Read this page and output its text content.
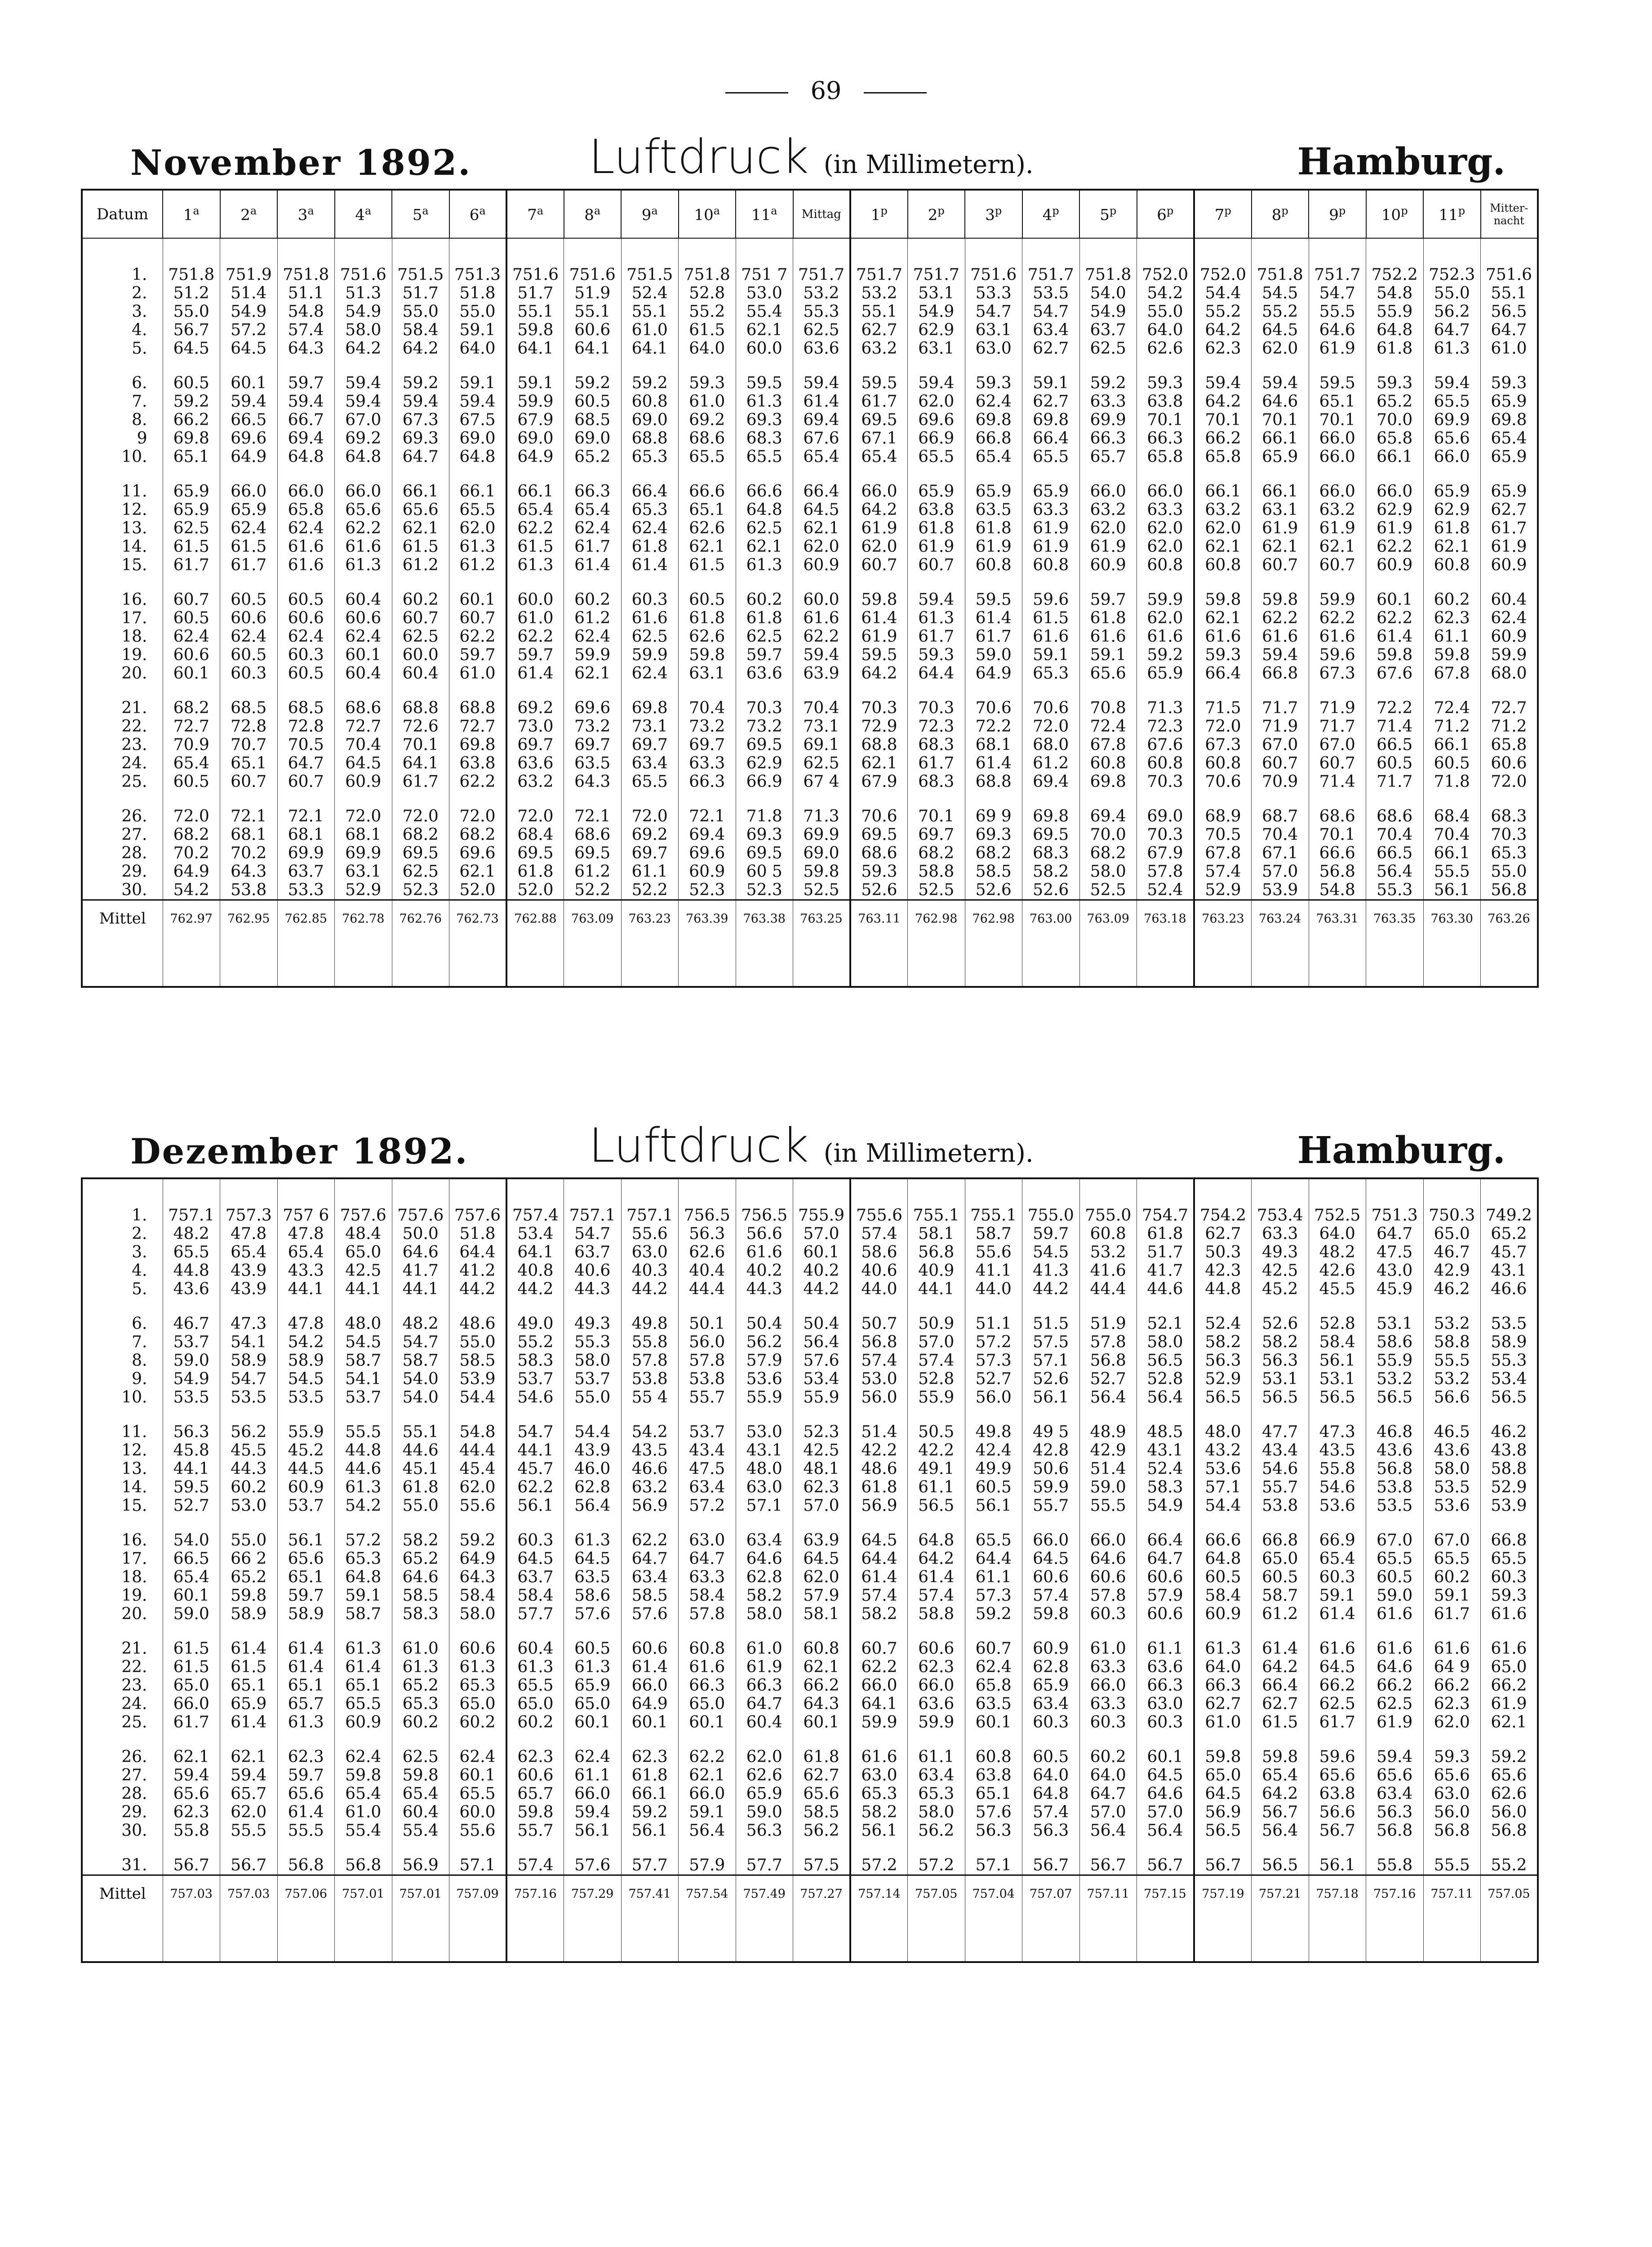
69
November 1892.	Luftdruck (in Millimetern).	Hamburg.
Datum	1$^a$	2$^a$	3$^a$	4$^a$	5$^a$	6$^a$	7$^a$	8$^a$	9$^a$	10$^a$	11$^a$	Mittag	1$^p$	2$^p$	3$^p$	4$^p$	5$^p$	6$^p$	7$^p$	8$^p$	9$^p$	10$^p$	11$^p$	Mitter-
nacht
1.	751.8	751.9	751.8	751.6	751.5	751.3	751.6	751.6	751.5	751.8	751 7	751.7	751.7	751.7	751.6	751.7	751.8	752.0	752.0	751.8	751.7	752.2	752.3	751.6
2.	51.2	51.4	51.1	51.3	51.7	51.8	51.7	51.9	52.4	52.8	53.0	53.2	53.2	53.1	53.3	53.5	54.0	54.2	54.4	54.5	54.7	54.8	55.0	55.1
3.	55.0	54.9	54.8	54.9	55.0	55.0	55.1	55.1	55.1	55.2	55.4	55.3	55.1	54.9	54.7	54.7	54.9	55.0	55.2	55.2	55.5	55.9	56.2	56.5
4.	56.7	57.2	57.4	58.0	58.4	59.1	59.8	60.6	61.0	61.5	62.1	62.5	62.7	62.9	63.1	63.4	63.7	64.0	64.2	64.5	64.6	64.8	64.7	64.7
5.	64.5	64.5	64.3	64.2	64.2	64.0	64.1	64.1	64.1	64.0	60.0	63.6	63.2	63.1	63.0	62.7	62.5	62.6	62.3	62.0	61.9	61.8	61.3	61.0
6.	60.5	60.1	59.7	59.4	59.2	59.1	59.1	59.2	59.2	59.3	59.5	59.4	59.5	59.4	59.3	59.1	59.2	59.3	59.4	59.4	59.5	59.3	59.4	59.3
7.	59.2	59.4	59.4	59.4	59.4	59.4	59.9	60.5	60.8	61.0	61.3	61.4	61.7	62.0	62.4	62.7	63.3	63.8	64.2	64.6	65.1	65.2	65.5	65.9
8.	66.2	66.5	66.7	67.0	67.3	67.5	67.9	68.5	69.0	69.2	69.3	69.4	69.5	69.6	69.8	69.8	69.9	70.1	70.1	70.1	70.1	70.0	69.9	69.8
9	69.8	69.6	69.4	69.2	69.3	69.0	69.0	69.0	68.8	68.6	68.3	67.6	67.1	66.9	66.8	66.4	66.3	66.3	66.2	66.1	66.0	65.8	65.6	65.4
10.	65.1	64.9	64.8	64.8	64.7	64.8	64.9	65.2	65.3	65.5	65.5	65.4	65.4	65.5	65.4	65.5	65.7	65.8	65.8	65.9	66.0	66.1	66.0	65.9
11.	65.9	66.0	66.0	66.0	66.1	66.1	66.1	66.3	66.4	66.6	66.6	66.4	66.0	65.9	65.9	65.9	66.0	66.0	66.1	66.1	66.0	66.0	65.9	65.9
12.	65.9	65.9	65.8	65.6	65.6	65.5	65.4	65.4	65.3	65.1	64.8	64.5	64.2	63.8	63.5	63.3	63.2	63.3	63.2	63.1	63.2	62.9	62.9	62.7
13.	62.5	62.4	62.4	62.2	62.1	62.0	62.2	62.4	62.4	62.6	62.5	62.1	61.9	61.8	61.8	61.9	62.0	62.0	62.0	61.9	61.9	61.9	61.8	61.7
14.	61.5	61.5	61.6	61.6	61.5	61.3	61.5	61.7	61.8	62.1	62.1	62.0	62.0	61.9	61.9	61.9	61.9	62.0	62.1	62.1	62.1	62.2	62.1	61.9
15.	61.7	61.7	61.6	61.3	61.2	61.2	61.3	61.4	61.4	61.5	61.3	60.9	60.7	60.7	60.8	60.8	60.9	60.8	60.8	60.7	60.7	60.9	60.8	60.9
16.	60.7	60.5	60.5	60.4	60.2	60.1	60.0	60.2	60.3	60.5	60.2	60.0	59.8	59.4	59.5	59.6	59.7	59.9	59.8	59.8	59.9	60.1	60.2	60.4
17.	60.5	60.6	60.6	60.6	60.7	60.7	61.0	61.2	61.6	61.8	61.8	61.6	61.4	61.3	61.4	61.5	61.8	62.0	62.1	62.2	62.2	62.2	62.3	62.4
18.	62.4	62.4	62.4	62.4	62.5	62.2	62.2	62.4	62.5	62.6	62.5	62.2	61.9	61.7	61.7	61.6	61.6	61.6	61.6	61.6	61.6	61.4	61.1	60.9
19.	60.6	60.5	60.3	60.1	60.0	59.7	59.7	59.9	59.9	59.8	59.7	59.4	59.5	59.3	59.0	59.1	59.1	59.2	59.3	59.4	59.6	59.8	59.8	59.9
20.	60.1	60.3	60.5	60.4	60.4	61.0	61.4	62.1	62.4	63.1	63.6	63.9	64.2	64.4	64.9	65.3	65.6	65.9	66.4	66.8	67.3	67.6	67.8	68.0
21.	68.2	68.5	68.5	68.6	68.8	68.8	69.2	69.6	69.8	70.4	70.3	70.4	70.3	70.3	70.6	70.6	70.8	71.3	71.5	71.7	71.9	72.2	72.4	72.7
22.	72.7	72.8	72.8	72.7	72.6	72.7	73.0	73.2	73.1	73.2	73.2	73.1	72.9	72.3	72.2	72.0	72.4	72.3	72.0	71.9	71.7	71.4	71.2	71.2
23.	70.9	70.7	70.5	70.4	70.1	69.8	69.7	69.7	69.7	69.7	69.5	69.1	68.8	68.3	68.1	68.0	67.8	67.6	67.3	67.0	67.0	66.5	66.1	65.8
24.	65.4	65.1	64.7	64.5	64.1	63.8	63.6	63.5	63.4	63.3	62.9	62.5	62.1	61.7	61.4	61.2	60.8	60.8	60.8	60.7	60.7	60.5	60.5	60.6
25.	60.5	60.7	60.7	60.9	61.7	62.2	63.2	64.3	65.5	66.3	66.9	67 4	67.9	68.3	68.8	69.4	69.8	70.3	70.6	70.9	71.4	71.7	71.8	72.0
26.	72.0	72.1	72.1	72.0	72.0	72.0	72.0	72.1	72.0	72.1	71.8	71.3	70.6	70.1	69 9	69.8	69.4	69.0	68.9	68.7	68.6	68.6	68.4	68.3
27.	68.2	68.1	68.1	68.1	68.2	68.2	68.4	68.6	69.2	69.4	69.3	69.9	69.5	69.7	69.3	69.5	70.0	70.3	70.5	70.4	70.1	70.4	70.4	70.3
28.	70.2	70.2	69.9	69.9	69.5	69.6	69.5	69.5	69.7	69.6	69.5	69.0	68.6	68.2	68.2	68.3	68.2	67.9	67.8	67.1	66.6	66.5	66.1	65.3
29.	64.9	64.3	63.7	63.1	62.5	62.1	61.8	61.2	61.1	60.9	60 5	59.8	59.3	58.8	58.5	58.2	58.0	57.8	57.4	57.0	56.8	56.4	55.5	55.0
30.	54.2	53.8	53.3	52.9	52.3	52.0	52.0	52.2	52.2	52.3	52.3	52.5	52.6	52.5	52.6	52.6	52.5	52.4	52.9	53.9	54.8	55.3	56.1	56.8
Mittel	762.97	762.95	762.85	762.78	762.76	762.73	762.88	763.09	763.23	763.39	763.38	763.25	763.11	762.98	762.98	763.00	763.09	763.18	763.23	763.24	763.31	763.35	763.30	763.26

Dezember 1892.	Luftdruck (in Millimetern).	Hamburg.
1.	757.1	757.3	757 6	757.6	757.6	757.6	757.4	757.1	757.1	756.5	756.5	755.9	755.6	755.1	755.1	755.0	755.0	754.7	754.2	753.4	752.5	751.3	750.3	749.2
2.	48.2	47.8	47.8	48.4	50.0	51.8	53.4	54.7	55.6	56.3	56.6	57.0	57.4	58.1	58.7	59.7	60.8	61.8	62.7	63.3	64.0	64.7	65.0	65.2
3.	65.5	65.4	65.4	65.0	64.6	64.4	64.1	63.7	63.0	62.6	61.6	60.1	58.6	56.8	55.6	54.5	53.2	51.7	50.3	49.3	48.2	47.5	46.7	45.7
4.	44.8	43.9	43.3	42.5	41.7	41.2	40.8	40.6	40.3	40.4	40.2	40.2	40.6	40.9	41.1	41.3	41.6	41.7	42.3	42.5	42.6	43.0	42.9	43.1
5.	43.6	43.9	44.1	44.1	44.1	44.2	44.2	44.3	44.2	44.4	44.3	44.2	44.0	44.1	44.0	44.2	44.4	44.6	44.8	45.2	45.5	45.9	46.2	46.6
6.	46.7	47.3	47.8	48.0	48.2	48.6	49.0	49.3	49.8	50.1	50.4	50.4	50.7	50.9	51.1	51.5	51.9	52.1	52.4	52.6	52.8	53.1	53.2	53.5
7.	53.7	54.1	54.2	54.5	54.7	55.0	55.2	55.3	55.8	56.0	56.2	56.4	56.8	57.0	57.2	57.5	57.8	58.0	58.2	58.2	58.4	58.6	58.8	58.9
8.	59.0	58.9	58.9	58.7	58.7	58.5	58.3	58.0	57.8	57.8	57.9	57.6	57.4	57.4	57.3	57.1	56.8	56.5	56.3	56.3	56.1	55.9	55.5	55.3
9.	54.9	54.7	54.5	54.1	54.0	53.9	53.7	53.7	53.8	53.8	53.6	53.4	53.0	52.8	52.7	52.6	52.7	52.8	52.9	53.1	53.1	53.2	53.2	53.4
10.	53.5	53.5	53.5	53.7	54.0	54.4	54.6	55.0	55 4	55.7	55.9	55.9	56.0	55.9	56.0	56.1	56.4	56.4	56.5	56.5	56.5	56.5	56.6	56.5
11.	56.3	56.2	55.9	55.5	55.1	54.8	54.7	54.4	54.2	53.7	53.0	52.3	51.4	50.5	49.8	49 5	48.9	48.5	48.0	47.7	47.3	46.8	46.5	46.2
12.	45.8	45.5	45.2	44.8	44.6	44.4	44.1	43.9	43.5	43.4	43.1	42.5	42.2	42.2	42.4	42.8	42.9	43.1	43.2	43.4	43.5	43.6	43.6	43.8
13.	44.1	44.3	44.5	44.6	45.1	45.4	45.7	46.0	46.6	47.5	48.0	48.1	48.6	49.1	49.9	50.6	51.4	52.4	53.6	54.6	55.8	56.8	58.0	58.8
14.	59.5	60.2	60.9	61.3	61.8	62.0	62.2	62.8	63.2	63.4	63.0	62.3	61.8	61.1	60.5	59.9	59.0	58.3	57.1	55.7	54.6	53.8	53.5	52.9
15.	52.7	53.0	53.7	54.2	55.0	55.6	56.1	56.4	56.9	57.2	57.1	57.0	56.9	56.5	56.1	55.7	55.5	54.9	54.4	53.8	53.6	53.5	53.6	53.9
16.	54.0	55.0	56.1	57.2	58.2	59.2	60.3	61.3	62.2	63.0	63.4	63.9	64.5	64.8	65.5	66.0	66.0	66.4	66.6	66.8	66.9	67.0	67.0	66.8
17.	66.5	66 2	65.6	65.3	65.2	64.9	64.5	64.5	64.7	64.7	64.6	64.5	64.4	64.2	64.4	64.5	64.6	64.7	64.8	65.0	65.4	65.5	65.5	65.5
18.	65.4	65.2	65.1	64.8	64.6	64.3	63.7	63.5	63.4	63.3	62.8	62.0	61.4	61.4	61.1	60.6	60.6	60.6	60.5	60.5	60.3	60.5	60.2	60.3
19.	60.1	59.8	59.7	59.1	58.5	58.4	58.4	58.6	58.5	58.4	58.2	57.9	57.4	57.4	57.3	57.4	57.8	57.9	58.4	58.7	59.1	59.0	59.1	59.3
20.	59.0	58.9	58.9	58.7	58.3	58.0	57.7	57.6	57.6	57.8	58.0	58.1	58.2	58.8	59.2	59.8	60.3	60.6	60.9	61.2	61.4	61.6	61.7	61.6
21.	61.5	61.4	61.4	61.3	61.0	60.6	60.4	60.5	60.6	60.8	61.0	60.8	60.7	60.6	60.7	60.9	61.0	61.1	61.3	61.4	61.6	61.6	61.6	61.6
22.	61.5	61.5	61.4	61.4	61.3	61.3	61.3	61.3	61.4	61.6	61.9	62.1	62.2	62.3	62.4	62.8	63.3	63.6	64.0	64.2	64.5	64.6	64 9	65.0
23.	65.0	65.1	65.1	65.1	65.2	65.3	65.5	65.9	66.0	66.3	66.3	66.2	66.0	66.0	65.8	65.9	66.0	66.3	66.3	66.4	66.2	66.2	66.2	66.2
24.	66.0	65.9	65.7	65.5	65.3	65.0	65.0	65.0	64.9	65.0	64.7	64.3	64.1	63.6	63.5	63.4	63.3	63.0	62.7	62.7	62.5	62.5	62.3	61.9
25.	61.7	61.4	61.3	60.9	60.2	60.2	60.2	60.1	60.1	60.1	60.4	60.1	59.9	59.9	60.1	60.3	60.3	60.3	61.0	61.5	61.7	61.9	62.0	62.1
26.	62.1	62.1	62.3	62.4	62.5	62.4	62.3	62.4	62.3	62.2	62.0	61.8	61.6	61.1	60.8	60.5	60.2	60.1	59.8	59.8	59.6	59.4	59.3	59.2
27.	59.4	59.4	59.7	59.8	59.8	60.1	60.6	61.1	61.8	62.1	62.6	62.7	63.0	63.4	63.8	64.0	64.0	64.5	65.0	65.4	65.6	65.6	65.6	65.6
28.	65.6	65.7	65.6	65.4	65.4	65.5	65.7	66.0	66.1	66.0	65.9	65.6	65.3	65.3	65.1	64.8	64.7	64.6	64.5	64.2	63.8	63.4	63.0	62.6
29.	62.3	62.0	61.4	61.0	60.4	60.0	59.8	59.4	59.2	59.1	59.0	58.5	58.2	58.0	57.6	57.4	57.0	57.0	56.9	56.7	56.6	56.3	56.0	56.0
30.	55.8	55.5	55.5	55.4	55.4	55.6	55.7	56.1	56.1	56.4	56.3	56.2	56.1	56.2	56.3	56.3	56.4	56.4	56.5	56.4	56.7	56.8	56.8	56.8
31.	56.7	56.7	56.8	56.8	56.9	57.1	57.4	57.6	57.7	57.9	57.7	57.5	57.2	57.2	57.1	56.7	56.7	56.7	56.7	56.5	56.1	55.8	55.5	55.2
Mittel	757.03	757.03	757.06	757.01	757.01	757.09	757.16	757.29	757.41	757.54	757.49	757.27	757.14	757.05	757.04	757.07	757.11	757.15	757.19	757.21	757.18	757.16	757.11	757.05
